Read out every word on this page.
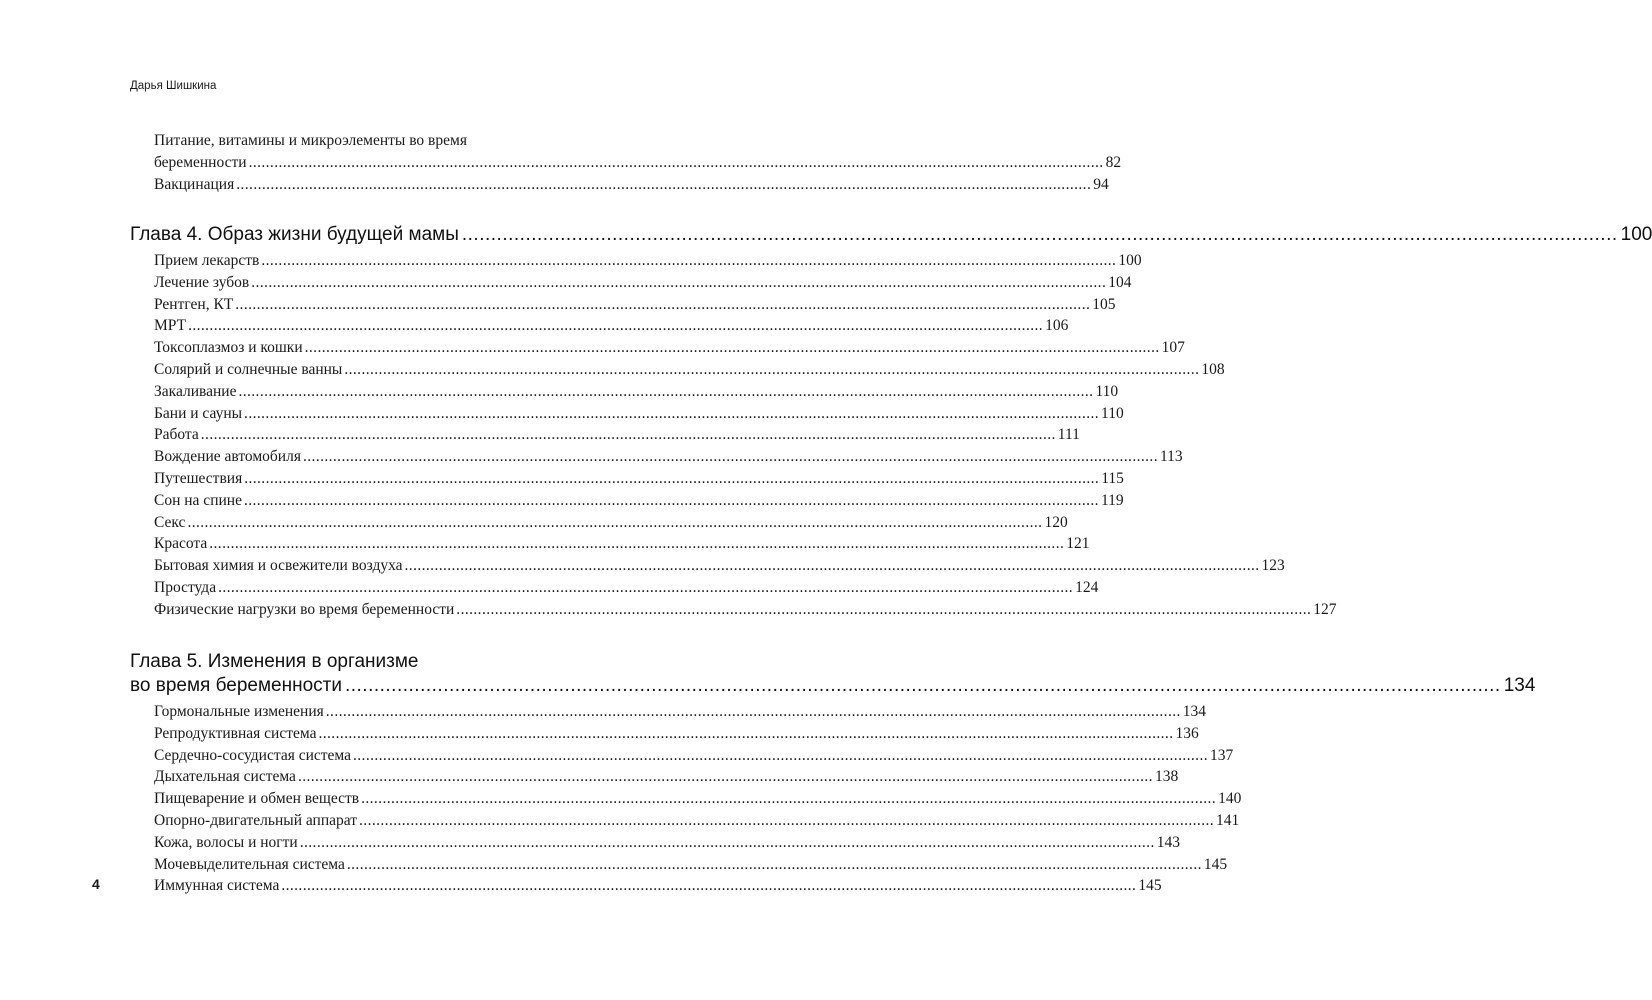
Дарья Шишкина
Питание, витамины и микроэлементы во время
беременности ........................................................................................................................................................................................................ 82
Вакцинация ........................................................................................................................................................................................................ 94
Глава 4. Образ жизни будущей мамы ........................................................................................................................................................................................................ 100
Прием лекарств ........................................................................................................................................................................................................ 100
Лечение зубов ........................................................................................................................................................................................................ 104
Рентген, КТ ........................................................................................................................................................................................................ 105
МРТ ........................................................................................................................................................................................................ 106
Токсоплазмоз и кошки ........................................................................................................................................................................................................ 107
Солярий и солнечные ванны ........................................................................................................................................................................................................ 108
Закаливание ........................................................................................................................................................................................................ 110
Бани и сауны ........................................................................................................................................................................................................ 110
Работа ........................................................................................................................................................................................................ 111
Вождение автомобиля ........................................................................................................................................................................................................ 113
Путешествия ........................................................................................................................................................................................................ 115
Сон на спине ........................................................................................................................................................................................................ 119
Секс ........................................................................................................................................................................................................ 120
Красота ........................................................................................................................................................................................................ 121
Бытовая химия и освежители воздуха ........................................................................................................................................................................................................ 123
Простуда ........................................................................................................................................................................................................ 124
Физические нагрузки во время беременности ........................................................................................................................................................................................................ 127
Глава 5. Изменения в организме
во время беременности ........................................................................................................................................................................................................ 134
Гормональные изменения ........................................................................................................................................................................................................ 134
Репродуктивная система ........................................................................................................................................................................................................ 136
Сердечно-сосудистая система ........................................................................................................................................................................................................ 137
Дыхательная система ........................................................................................................................................................................................................ 138
Пищеварение и обмен веществ ........................................................................................................................................................................................................ 140
Опорно-двигательный аппарат ........................................................................................................................................................................................................ 141
Кожа, волосы и ногти ........................................................................................................................................................................................................ 143
Мочевыделительная система ........................................................................................................................................................................................................ 145
Иммунная система ........................................................................................................................................................................................................ 145
4
